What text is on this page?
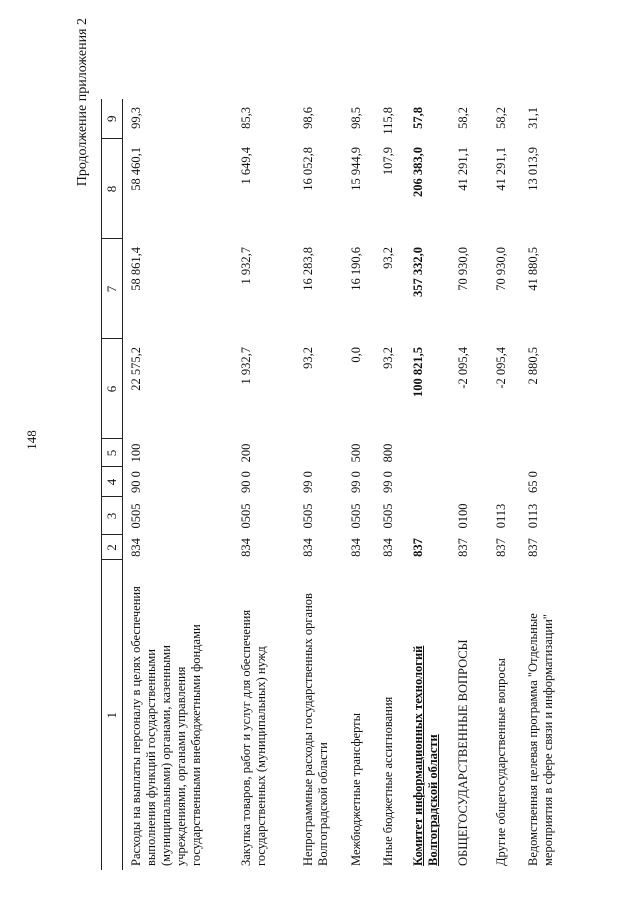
148
Продолжение приложения 2
1	2	3	4	5	6	7	8	9
Расходы на выплаты персоналу в целях обеспечения выполнения функций государственными (муниципальными) органами, казенными учреждениями, органами управления государственными внебюджетными фондами	834	0505	90 0	100	22 575,2	58 861,4	58 460,1	99,3
Закупка товаров, работ и услуг для обеспечения государственных (муниципальных) нужд	834	0505	90 0	200	1 932,7	1 932,7	1 649,4	85,3
Непрограммные расходы государственных органов Волгоградской области	834	0505	99 0		93,2	16 283,8	16 052,8	98,6
Межбюджетные трансферты	834	0505	99 0	500	0,0	16 190,6	15 944,9	98,5
Иные бюджетные ассигнования	834	0505	99 0	800	93,2	93,2	107,9	115,8
Комитет информационных технологий Волгоградской области	837				100 821,5	357 332,0	206 383,0	57,8
ОБЩЕГОСУДАРСТВЕННЫЕ ВОПРОСЫ	837	0100			-2 095,4	70 930,0	41 291,1	58,2
Другие общегосударственные вопросы	837	0113			-2 095,4	70 930,0	41 291,1	58,2
Ведомственная целевая программа "Отдельные мероприятия в сфере связи и информатизации"	837	0113	65 0		2 880,5	41 880,5	13 013,9	31,1
